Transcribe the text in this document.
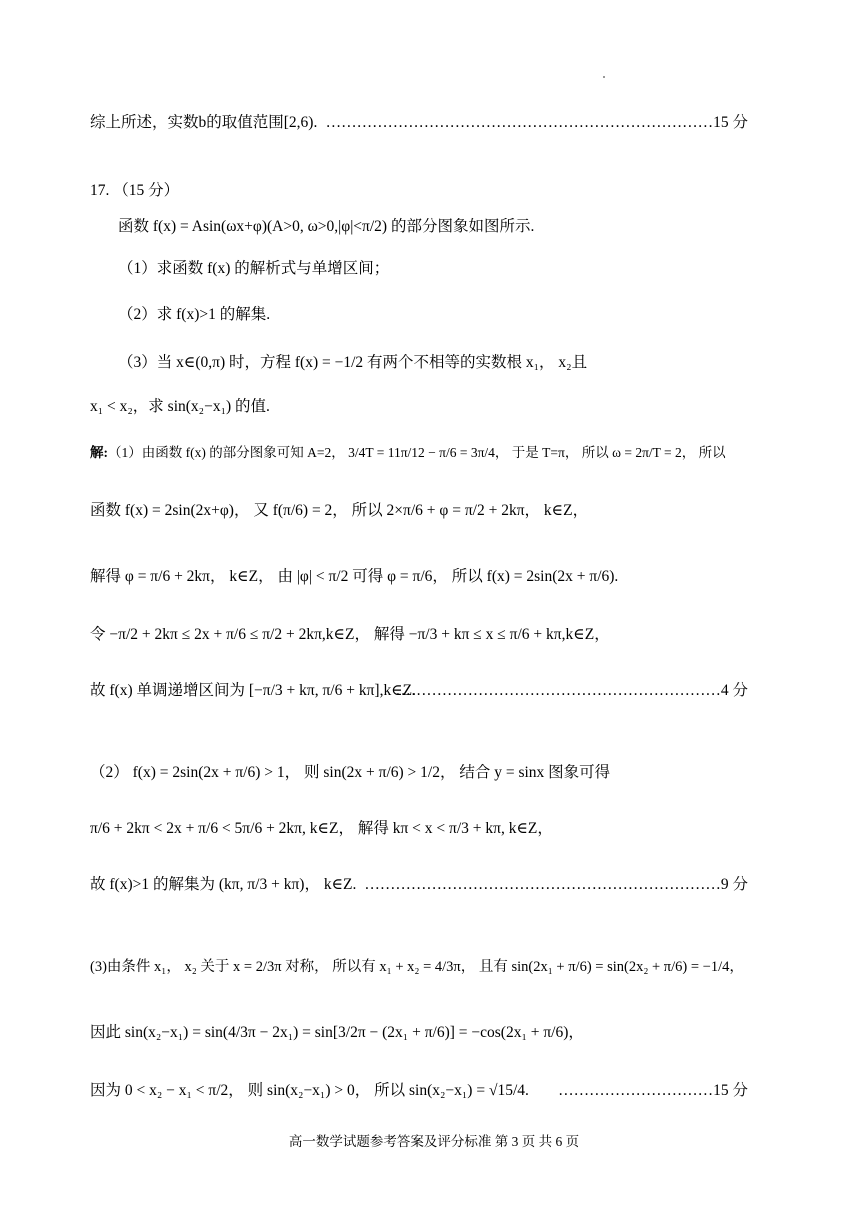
综上所述，实数b的取值范围[2,6). …………………………………………………………………15 分
17. （15 分）
函数 f(x) = Asin(ωx+φ)(A>0, ω>0,|φ|<π/2) 的部分图象如图所示.
（1）求函数 f(x) 的解析式与单增区间；
（2）求 f(x)>1 的解集.
（3）当 x∈(0,π) 时，方程 f(x) = −1/2 有两个不相等的实数根 x₁， x₂且
x₁ < x₂，求 sin(x₂−x₁) 的值.
解:（1）由函数 f(x) 的部分图象可知 A=2， 3/4T = 11π/12 − π/6 = 3π/4， 于是 T=π， 所以 ω = 2π/T = 2， 所以
函数 f(x) = 2sin(2x+φ)， 又 f(π/6) = 2， 所以 2×π/6 + φ = π/2 + 2kπ， k∈Z，
解得 φ = π/6 + 2kπ， k∈Z， 由 |φ| < π/2 可得 φ = π/6， 所以 f(x) = 2sin(2x + π/6).
令 −π/2 + 2kπ ≤ 2x + π/6 ≤ π/2 + 2kπ,k∈Z， 解得 −π/3 + kπ ≤ x ≤ π/6 + kπ,k∈Z，
故 f(x) 单调递增区间为 [−π/3 + kπ, π/6 + kπ],k∈Z.
………………………………………………………4 分
（2） f(x) = 2sin(2x + π/6) > 1， 则 sin(2x + π/6) > 1/2， 结合 y = sinx 图象可得
π/6 + 2kπ < 2x + π/6 < 5π/6 + 2kπ, k∈Z， 解得 kπ < x < π/3 + kπ, k∈Z，
故 f(x)>1 的解集为 (kπ, π/3 + kπ)， k∈Z. ……………………………………………………………9 分
(3)由条件 x₁， x₂ 关于 x = 2/3π 对称， 所以有 x₁ + x₂ = 4/3π， 且有 sin(2x₁ + π/6) = sin(2x₂ + π/6) = −1/4，
因此 sin(x₂−x₁) = sin(4/3π − 2x₁) = sin[3/2π − (2x₁ + π/6)] = −cos(2x₁ + π/6)，
因为 0 < x₂ − x₁ < π/2， 则 sin(x₂−x₁) > 0， 所以 sin(x₂−x₁) = √15/4.	…………………………15 分
高一数学试题参考答案及评分标准 第 3 页 共 6 页
